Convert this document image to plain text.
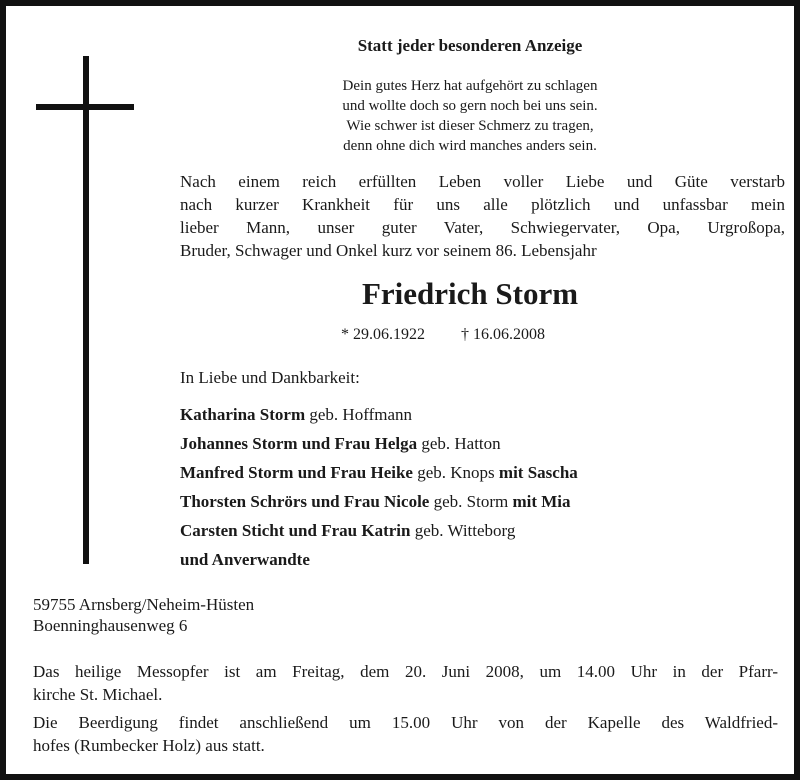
Statt jeder besonderen Anzeige
Dein gutes Herz hat aufgehört zu schlagen
und wollte doch so gern noch bei uns sein.
Wie schwer ist dieser Schmerz zu tragen,
denn ohne dich wird manches anders sein.
Nach einem reich erfüllten Leben voller Liebe und Güte verstarb
nach kurzer Krankheit für uns alle plötzlich und unfassbar mein
lieber Mann, unser guter Vater, Schwiegervater, Opa, Urgroßopa,
Bruder, Schwager und Onkel kurz vor seinem 86. Lebensjahr
Friedrich Storm
* 29.06.1922 † 16.06.2008
In Liebe und Dankbarkeit:
Katharina Storm geb. Hoffmann
Johannes Storm und Frau Helga geb. Hatton
Manfred Storm und Frau Heike geb. Knops mit Sascha
Thorsten Schrörs und Frau Nicole geb. Storm mit Mia
Carsten Sticht und Frau Katrin geb. Witteborg
und Anverwandte
59755 Arnsberg/Neheim-Hüsten
Boenninghausenweg 6
Das heilige Messopfer ist am Freitag, dem 20. Juni 2008, um 14.00 Uhr in der Pfarr-
kirche St. Michael.
Die Beerdigung findet anschließend um 15.00 Uhr von der Kapelle des Waldfried-
hofes (Rumbecker Holz) aus statt.
